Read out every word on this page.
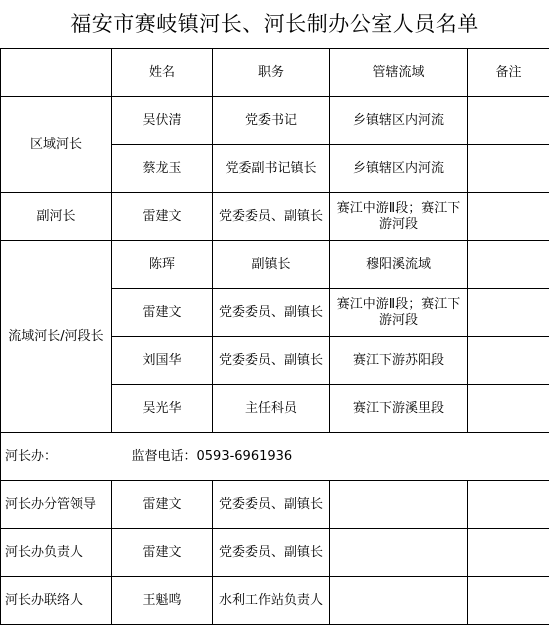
福安市赛岐镇河长、河长制办公室人员名单
	姓名	职务	管辖流域	备注
区域河长	吴伏清	党委书记	乡镇辖区内河流	
	蔡龙玉	党委副书记镇长	乡镇辖区内河流	
副河长	雷建文	党委委员、副镇长	赛江中游Ⅱ段；赛江下游河段	
流域河长/河段长	陈珲	副镇长	穆阳溪流域	
	雷建文	党委委员、副镇长	赛江中游Ⅱ段；赛江下游河段	
	刘国华	党委委员、副镇长	赛江下游苏阳段	
	吴光华	主任科员	赛江下游溪里段	
河长办：	监督电话：0593-6961936			
河长办分管领导	雷建文	党委委员、副镇长		
河长办负责人	雷建文	党委委员、副镇长		
河长办联络人	王魁鸣	水利工作站负责人		
